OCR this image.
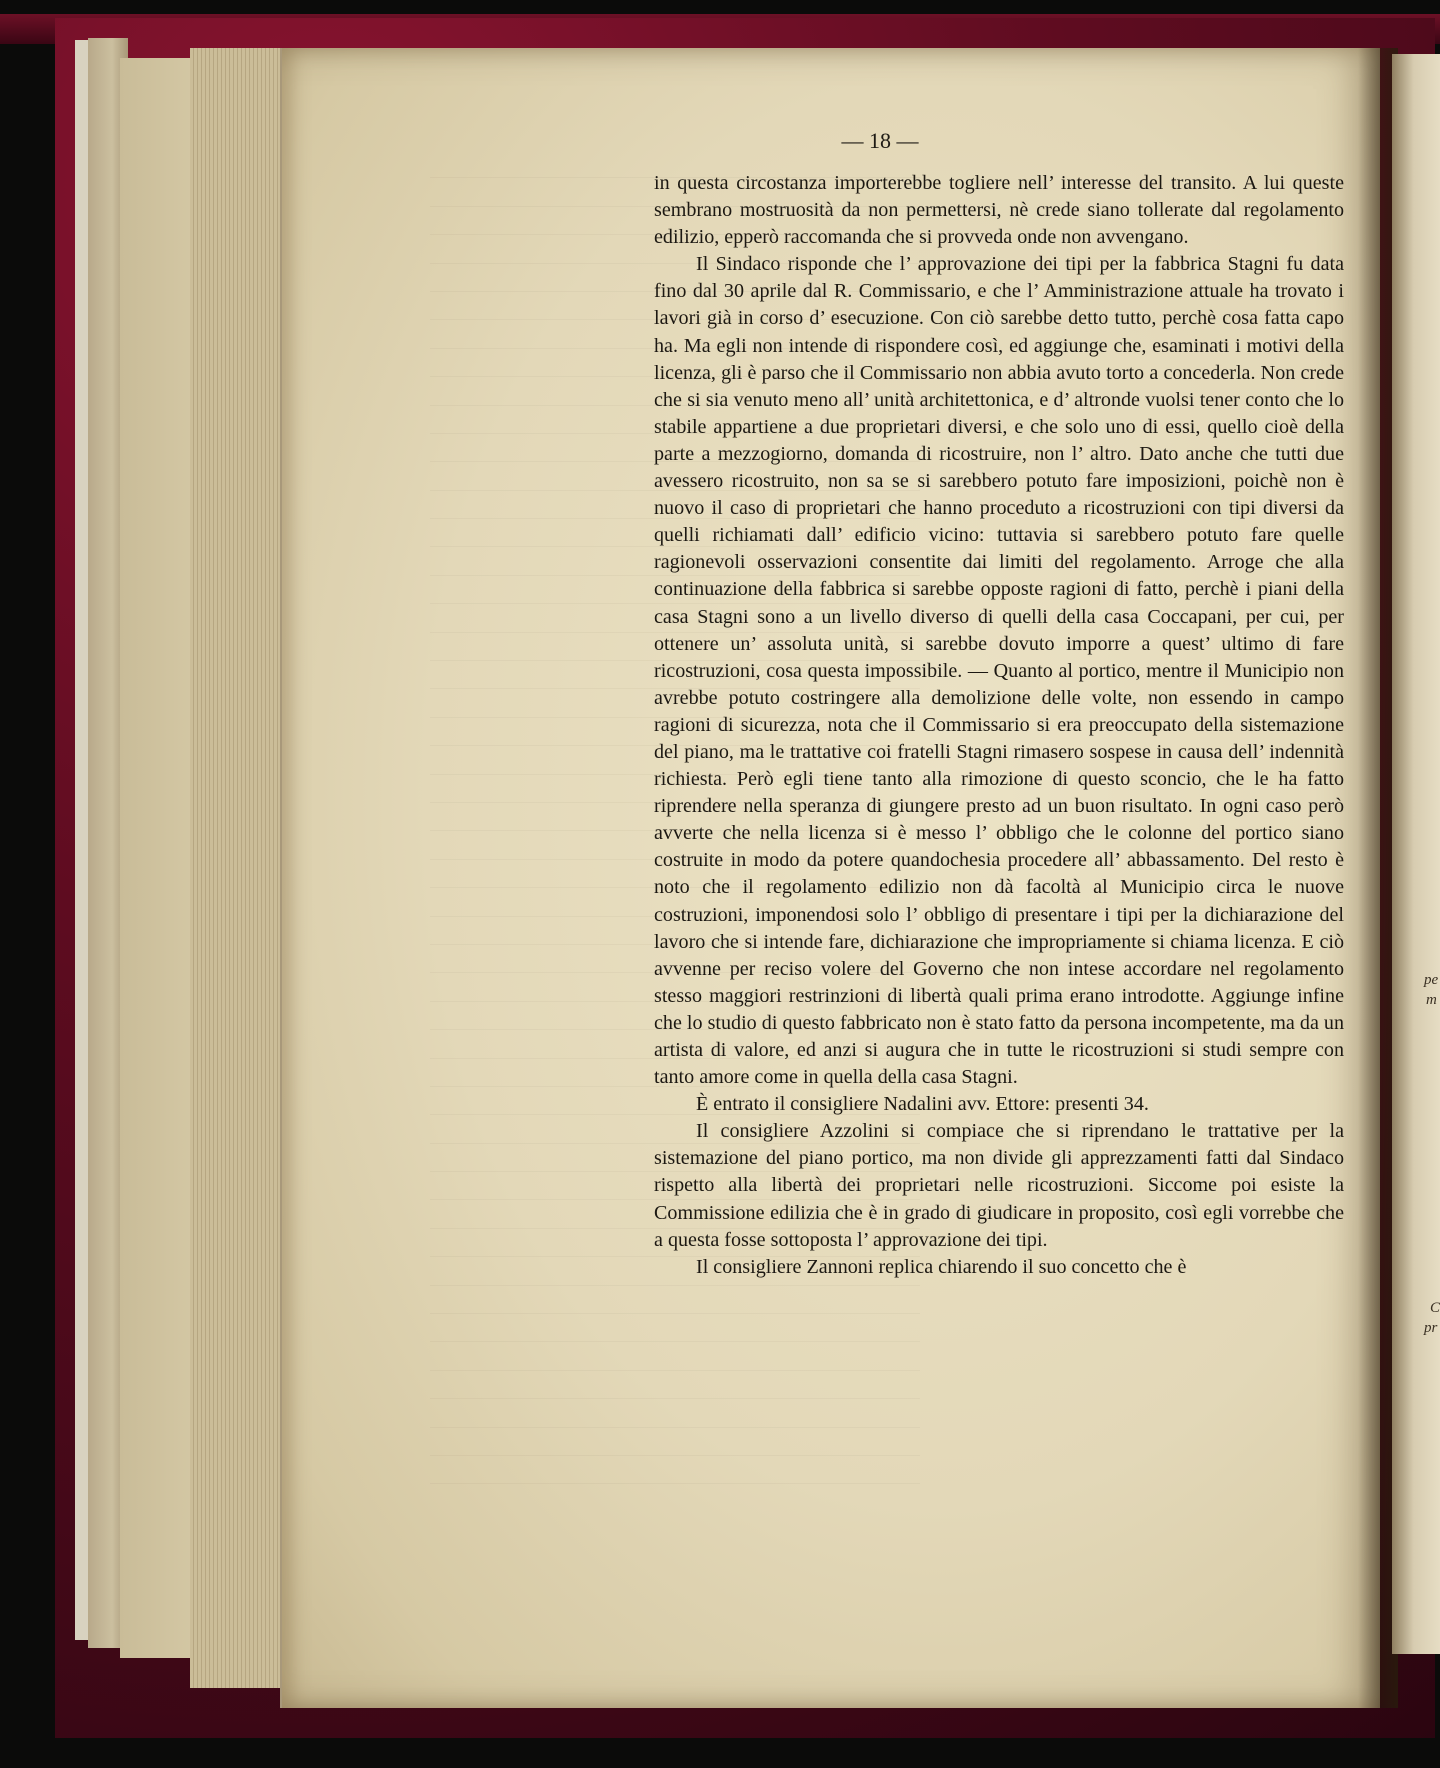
— 18 —

in questa circostanza importerebbe togliere nell’ interesse del transito. A lui queste sembrano mostruosità da non permettersi, nè crede siano tollerate dal regolamento edilizio, epperò raccomanda che si provveda onde non avvengano.

Il Sindaco risponde che l’ approvazione dei tipi per la fabbrica Stagni fu data fino dal 30 aprile dal R. Commissario, e che l’ Amministrazione attuale ha trovato i lavori già in corso d’ esecuzione. Con ciò sarebbe detto tutto, perchè cosa fatta capo ha. Ma egli non intende di rispondere così, ed aggiunge che, esaminati i motivi della licenza, gli è parso che il Commissario non abbia avuto torto a concederla. Non crede che si sia venuto meno all’ unità architettonica, e d’ altronde vuolsi tener conto che lo stabile appartiene a due proprietari diversi, e che solo uno di essi, quello cioè della parte a mezzogiorno, domanda di ricostruire, non l’ altro. Dato anche che tutti due avessero ricostruito, non sa se si sarebbero potuto fare imposizioni, poichè non è nuovo il caso di proprietari che hanno proceduto a ricostruzioni con tipi diversi da quelli richiamati dall’ edificio vicino: tuttavia si sarebbero potuto fare quelle ragionevoli osservazioni consentite dai limiti del regolamento. Arroge che alla continuazione della fabbrica si sarebbe opposte ragioni di fatto, perchè i piani della casa Stagni sono a un livello diverso di quelli della casa Coccapani, per cui, per ottenere un’ assoluta unità, si sarebbe dovuto imporre a quest’ ultimo di fare ricostruzioni, cosa questa impossibile. — Quanto al portico, mentre il Municipio non avrebbe potuto costringere alla demolizione delle volte, non essendo in campo ragioni di sicurezza, nota che il Commissario si era preoccupato della sistemazione del piano, ma le trattative coi fratelli Stagni rimasero sospese in causa dell’ indennità richiesta. Però egli tiene tanto alla rimozione di questo sconcio, che le ha fatto riprendere nella speranza di giungere presto ad un buon risultato. In ogni caso però avverte che nella licenza si è messo l’ obbligo che le colonne del portico siano costruite in modo da potere quandochesia procedere all’ abbassamento. Del resto è noto che il regolamento edilizio non dà facoltà al Municipio circa le nuove costruzioni, imponendosi solo l’ obbligo di presentare i tipi per la dichiarazione del lavoro che si intende fare, dichiarazione che impropriamente si chiama licenza. E ciò avvenne per reciso volere del Governo che non intese accordare nel regolamento stesso maggiori restrinzioni di libertà quali prima erano introdotte. Aggiunge infine che lo studio di questo fabbricato non è stato fatto da persona incompetente, ma da un artista di valore, ed anzi si augura che in tutte le ricostruzioni si studi sempre con tanto amore come in quella della casa Stagni.

È entrato il consigliere Nadalini avv. Ettore: presenti 34.

Il consigliere Azzolini si compiace che si riprendano le trattative per la sistemazione del piano portico, ma non divide gli apprezzamenti fatti dal Sindaco rispetto alla libertà dei proprietari nelle ricostruzioni. Siccome poi esiste la Commissione edilizia che è in grado di giudicare in proposito, così egli vorrebbe che a questa fosse sottoposta l’ approvazione dei tipi.

Il consigliere Zannoni replica chiarendo il suo concetto che è

pe
m
C
pr
